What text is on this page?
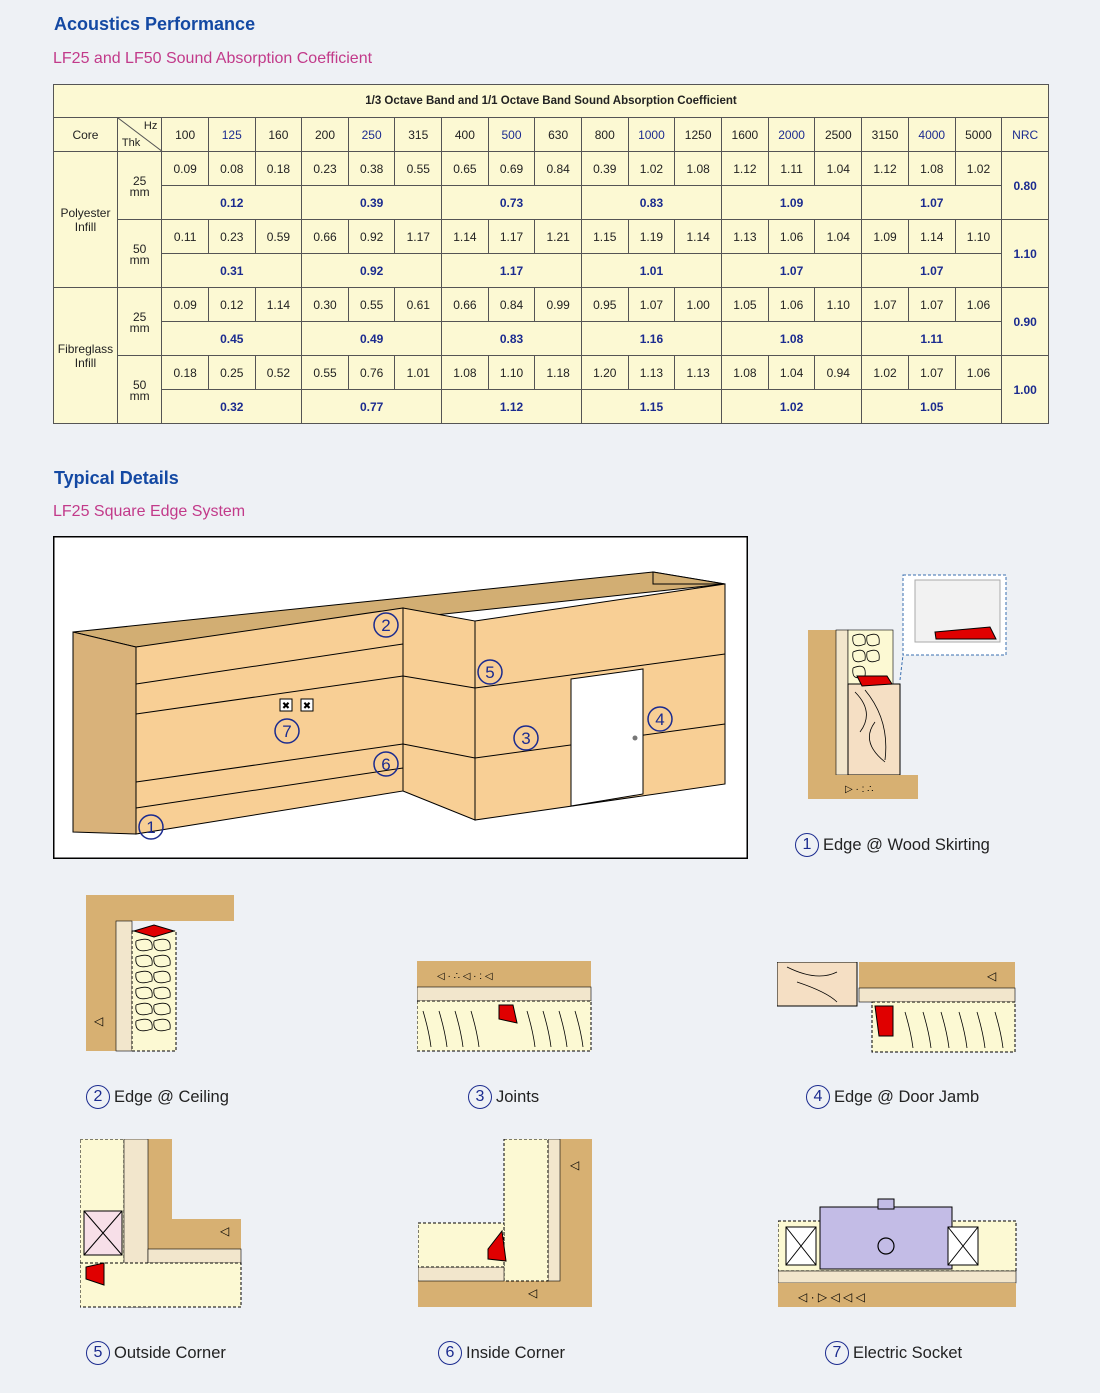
Acoustics Performance
LF25 and LF50 Sound Absorption Coefficient
1/3 Octave Band and 1/1 Octave Band Sound Absorption Coefficient																				
Core	Hz
Thk	100	125	160	200	250	315	400	500	630	800	1000	1250	1600	2000	2500	3150	4000	5000	NRC
Polyester Infill	25
mm	0.09	0.08	0.18	0.23	0.38	0.55	0.65	0.69	0.84	0.39	1.02	1.08	1.12	1.11	1.04	1.12	1.08	1.02	0.80
		0.12			0.39			0.73			0.83			1.09			1.07			

	50
mm	0.11	0.23	0.59	0.66	0.92	1.17	1.14	1.17	1.21	1.15	1.19	1.14	1.13	1.06	1.04	1.09	1.14	1.10	1.10
		0.31			0.92			1.17			1.01			1.07			1.07			
Fibreglass Infill	25
mm	0.09	0.12	1.14	0.30	0.55	0.61	0.66	0.84	0.99	0.95	1.07	1.00	1.05	1.06	1.10	1.07	1.07	1.06	0.90
		0.45			0.49			0.83			1.16			1.08			1.11			

	50
mm	0.18	0.25	0.52	0.55	0.76	1.01	1.08	1.10	1.18	1.20	1.13	1.13	1.08	1.04	0.94	1.02	1.07	1.06	1.00
		0.32			0.77			1.12			1.15			1.02			1.05			
Typical Details
LF25 Square Edge System
✖ ✖
1
2
3
4
5
6
7
▷ · : ∴
1 Edge @ Wood Skirting
◁
2 Edge @ Ceiling
◁ · ∴ ◁ · : ◁
3 Joints
◁
4 Edge @ Door Jamb
◁
5 Outside Corner
◁
◁
6 Inside Corner
◁ · ▷ ◁ ◁ ◁
7 Electric Socket
